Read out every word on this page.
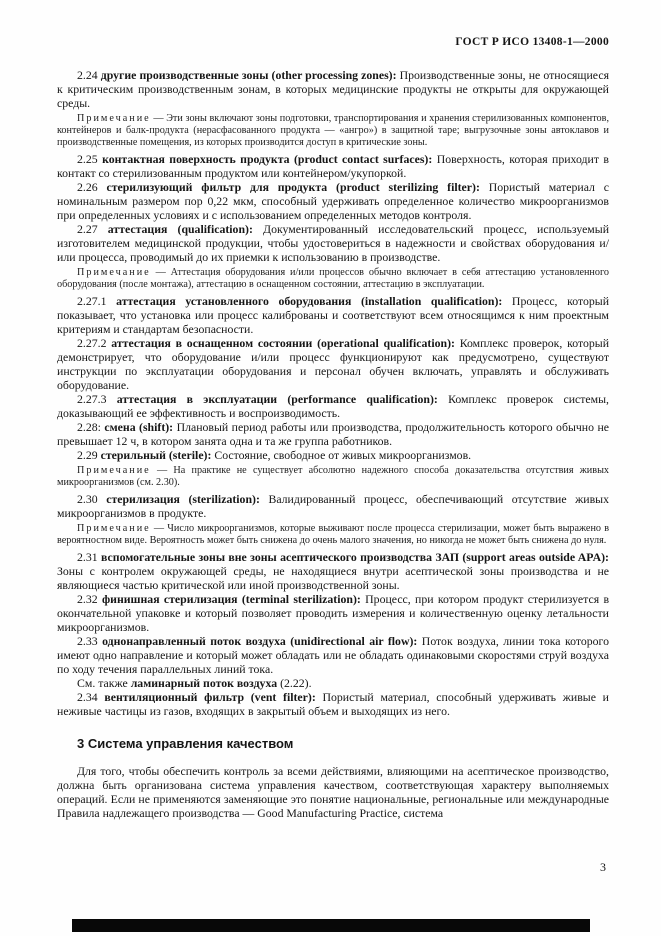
ГОСТ Р ИСО 13408-1—2000

2.24 другие производственные зоны (other processing zones): Производственные зоны, не относящиеся к критическим производственным зонам, в которых медицинские продукты не открыты для окружающей среды.

Примечание — Эти зоны включают зоны подготовки, транспортирования и хранения стерилизованных компонентов, контейнеров и балк-продукта (нерасфасованного продукта — «ангро») в защитной таре; выгрузочные зоны автоклавов и производственные помещения, из которых производится доступ в критические зоны.

2.25 контактная поверхность продукта (product contact surfaces): Поверхность, которая приходит в контакт со стерилизованным продуктом или контейнером/укупоркой.

2.26 стерилизующий фильтр для продукта (product sterilizing filter): Пористый материал с номинальным размером пор 0,22 мкм, способный удерживать определенное количество микроорганизмов при определенных условиях и с использованием определенных методов контроля.

2.27 аттестация (qualification): Документированный исследовательский процесс, используемый изготовителем медицинской продукции, чтобы удостовериться в надежности и свойствах оборудования и/или процесса, проводимый до их приемки к использованию в производстве.

Примечание — Аттестация оборудования и/или процессов обычно включает в себя аттестацию установленного оборудования (после монтажа), аттестацию в оснащенном состоянии, аттестацию в эксплуатации.

2.27.1 аттестация установленного оборудования (installation qualification): Процесс, который показывает, что установка или процесс калиброваны и соответствуют всем относящимся к ним проектным критериям и стандартам безопасности.

2.27.2 аттестация в оснащенном состоянии (operational qualification): Комплекс проверок, который демонстрирует, что оборудование и/или процесс функционируют как предусмотрено, существуют инструкции по эксплуатации оборудования и персонал обучен включать, управлять и обслуживать оборудование.

2.27.3 аттестация в эксплуатации (performance qualification): Комплекс проверок системы, доказывающий ее эффективность и воспроизводимость.

2.28: смена (shift): Плановый период работы или производства, продолжительность которого обычно не превышает 12 ч, в котором занята одна и та же группа работников.

2.29 стерильный (sterile): Состояние, свободное от живых микроорганизмов.

Примечание — На практике не существует абсолютно надежного способа доказательства отсутствия живых микроорганизмов (см. 2.30).

2.30 стерилизация (sterilization): Валидированный процесс, обеспечивающий отсутствие живых микроорганизмов в продукте.

Примечание — Число микроорганизмов, которые выживают после процесса стерилизации, может быть выражено в вероятностном виде. Вероятность может быть снижена до очень малого значения, но никогда не может быть снижена до нуля.

2.31 вспомогательные зоны вне зоны асептического производства ЗАП (support areas outside APA): Зоны с контролем окружающей среды, не находящиеся внутри асептической зоны производства и не являющиеся частью критической или иной производственной зоны.

2.32 финишная стерилизация (terminal sterilization): Процесс, при котором продукт стерилизуется в окончательной упаковке и который позволяет проводить измерения и количественную оценку летальности микроорганизмов.

2.33 однонаправленный поток воздуха (unidirectional air flow): Поток воздуха, линии тока которого имеют одно направление и который может обладать или не обладать одинаковыми скоростями струй воздуха по ходу течения параллельных линий тока.

См. также ламинарный поток воздуха (2.22).

2.34 вентиляционный фильтр (vent filter): Пористый материал, способный удерживать живые и неживые частицы из газов, входящих в закрытый объем и выходящих из него.

3 Система управления качеством

Для того, чтобы обеспечить контроль за всеми действиями, влияющими на асептическое производство, должна быть организована система управления качеством, соответствующая характеру выполняемых операций. Если не применяются заменяющие это понятие национальные, региональные или международные Правила надлежащего производства — Good Manufacturing Practice, система

3
